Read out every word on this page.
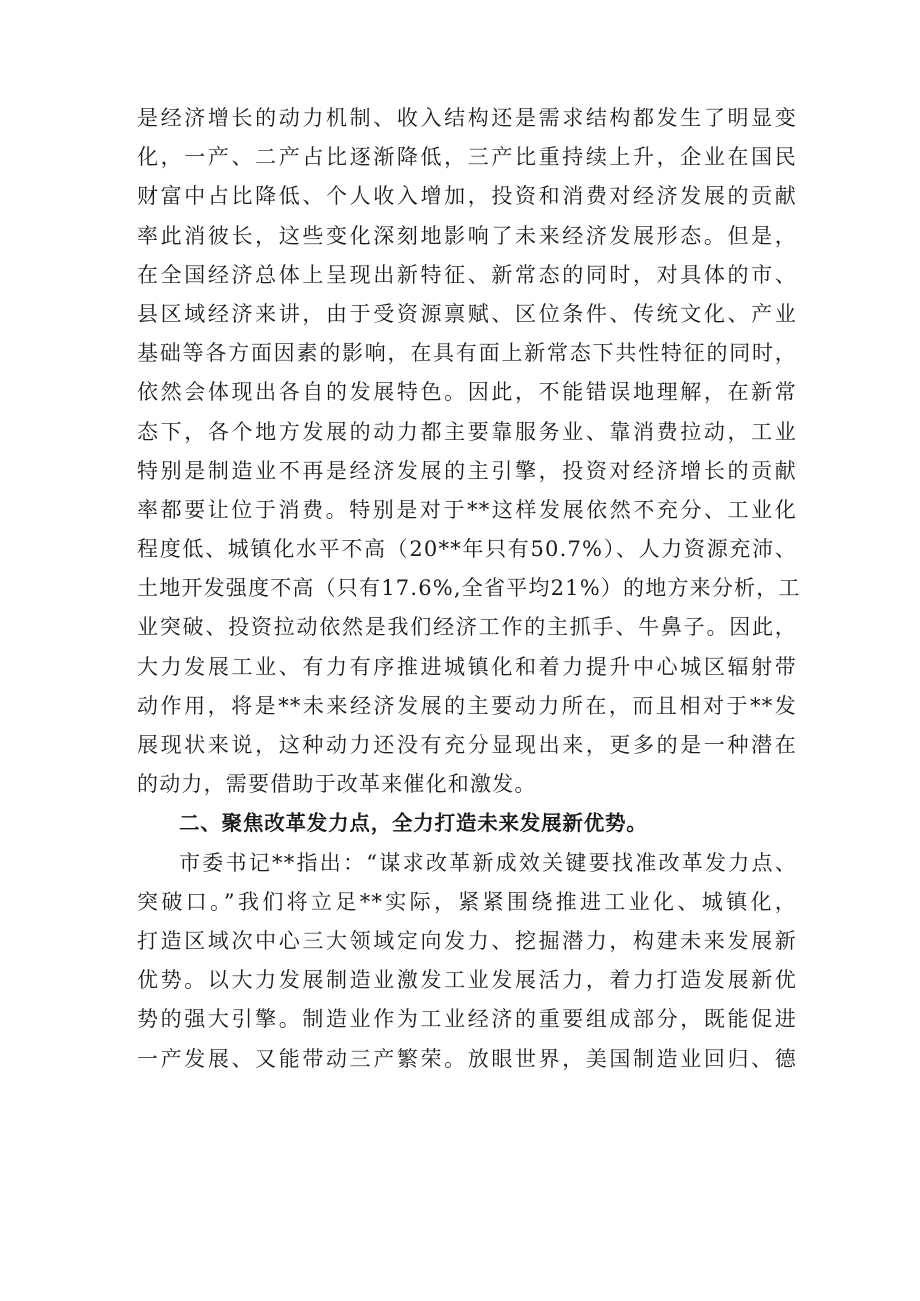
是经济增长的动力机制、收入结构还是需求结构都发生了明显变
化，一产、二产占比逐渐降低，三产比重持续上升，企业在国民
财富中占比降低、个人收入增加，投资和消费对经济发展的贡献
率此消彼长，这些变化深刻地影响了未来经济发展形态。但是，
在全国经济总体上呈现出新特征、新常态的同时，对具体的市、
县区域经济来讲，由于受资源禀赋、区位条件、传统文化、产业
基础等各方面因素的影响，在具有面上新常态下共性特征的同时，
依然会体现出各自的发展特色。因此，不能错误地理解，在新常
态下，各个地方发展的动力都主要靠服务业、靠消费拉动，工业
特别是制造业不再是经济发展的主引擎，投资对经济增长的贡献
率都要让位于消费。特别是对于**这样发展依然不充分、工业化
程度低、城镇化水平不高（20**年只有50.7%）、人力资源充沛、
土地开发强度不高（只有17.6%,全省平均21%）的地方来分析，工
业突破、投资拉动依然是我们经济工作的主抓手、牛鼻子。因此，
大力发展工业、有力有序推进城镇化和着力提升中心城区辐射带
动作用，将是**未来经济发展的主要动力所在，而且相对于**发
展现状来说，这种动力还没有充分显现出来，更多的是一种潜在
的动力，需要借助于改革来催化和激发。
二、聚焦改革发力点，全力打造未来发展新优势。
市委书记**指出：“谋求改革新成效关键要找准改革发力点、
突破口。”我们将立足**实际，紧紧围绕推进工业化、城镇化，
打造区域次中心三大领域定向发力、挖掘潜力，构建未来发展新
优势。以大力发展制造业激发工业发展活力，着力打造发展新优
势的强大引擎。制造业作为工业经济的重要组成部分，既能促进
一产发展、又能带动三产繁荣。放眼世界，美国制造业回归、德
